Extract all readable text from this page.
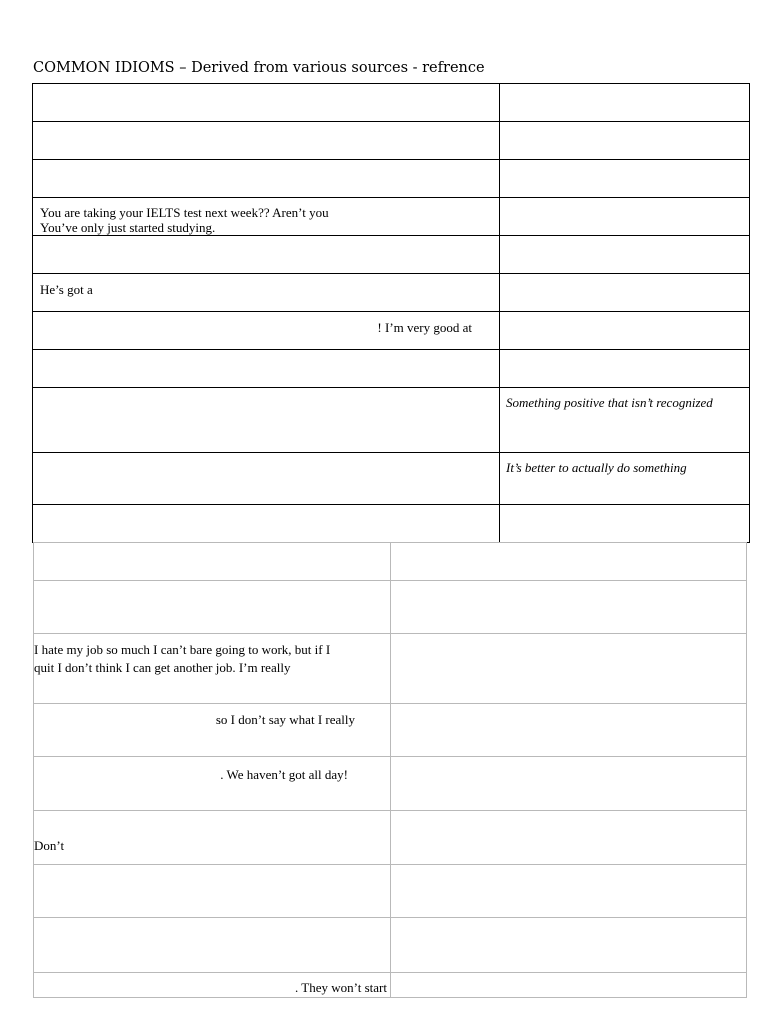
COMMON IDIOMS – Derived from various sources - refrence
You are taking your IELTS test next week?? Aren’t you
You’ve only just started studying.
He’s got a
! I’m very good at
Something positive that isn’t recognized
It’s better to actually do something
I hate my job so much I can’t bare going to work, but if I
quit I don’t think I can get another job. I’m really
so I don’t say what I really
. We haven’t got all day!
Don’t
. They won’t start
